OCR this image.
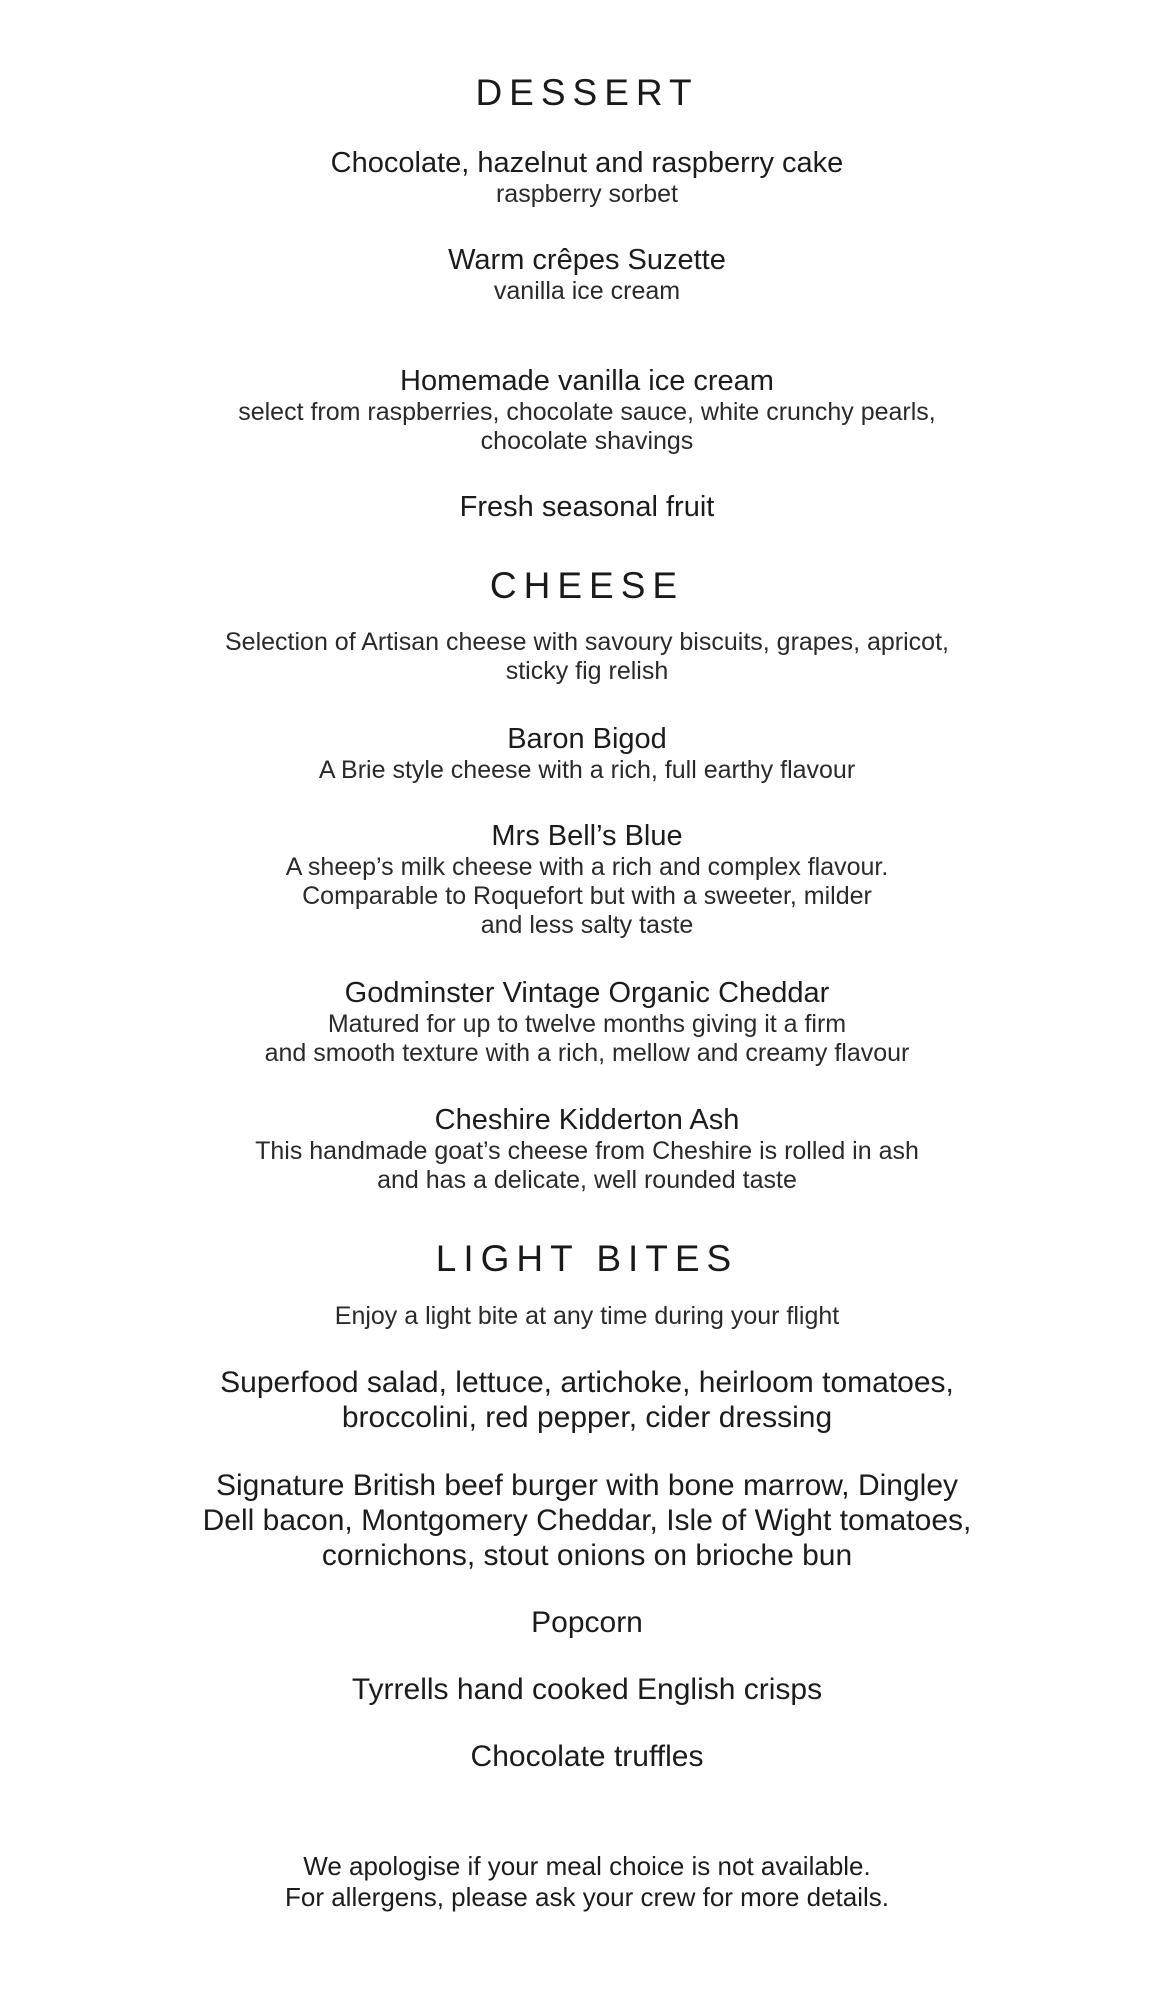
DESSERT
Chocolate, hazelnut and raspberry cake
raspberry sorbet
Warm crêpes Suzette
vanilla ice cream
Homemade vanilla ice cream
select from raspberries, chocolate sauce, white crunchy pearls,
chocolate shavings
Fresh seasonal fruit
CHEESE
Selection of Artisan cheese with savoury biscuits, grapes, apricot,
sticky fig relish
Baron Bigod
A Brie style cheese with a rich, full earthy flavour
Mrs Bell’s Blue
A sheep’s milk cheese with a rich and complex flavour.
Comparable to Roquefort but with a sweeter, milder
and less salty taste
Godminster Vintage Organic Cheddar
Matured for up to twelve months giving it a firm
and smooth texture with a rich, mellow and creamy flavour
Cheshire Kidderton Ash
This handmade goat’s cheese from Cheshire is rolled in ash
and has a delicate, well rounded taste
LIGHT BITES
Enjoy a light bite at any time during your flight
Superfood salad, lettuce, artichoke, heirloom tomatoes,
broccolini, red pepper, cider dressing
Signature British beef burger with bone marrow, Dingley
Dell bacon, Montgomery Cheddar, Isle of Wight tomatoes,
cornichons, stout onions on brioche bun
Popcorn
Tyrrells hand cooked English crisps
Chocolate truffles
We apologise if your meal choice is not available.
For allergens, please ask your crew for more details.
